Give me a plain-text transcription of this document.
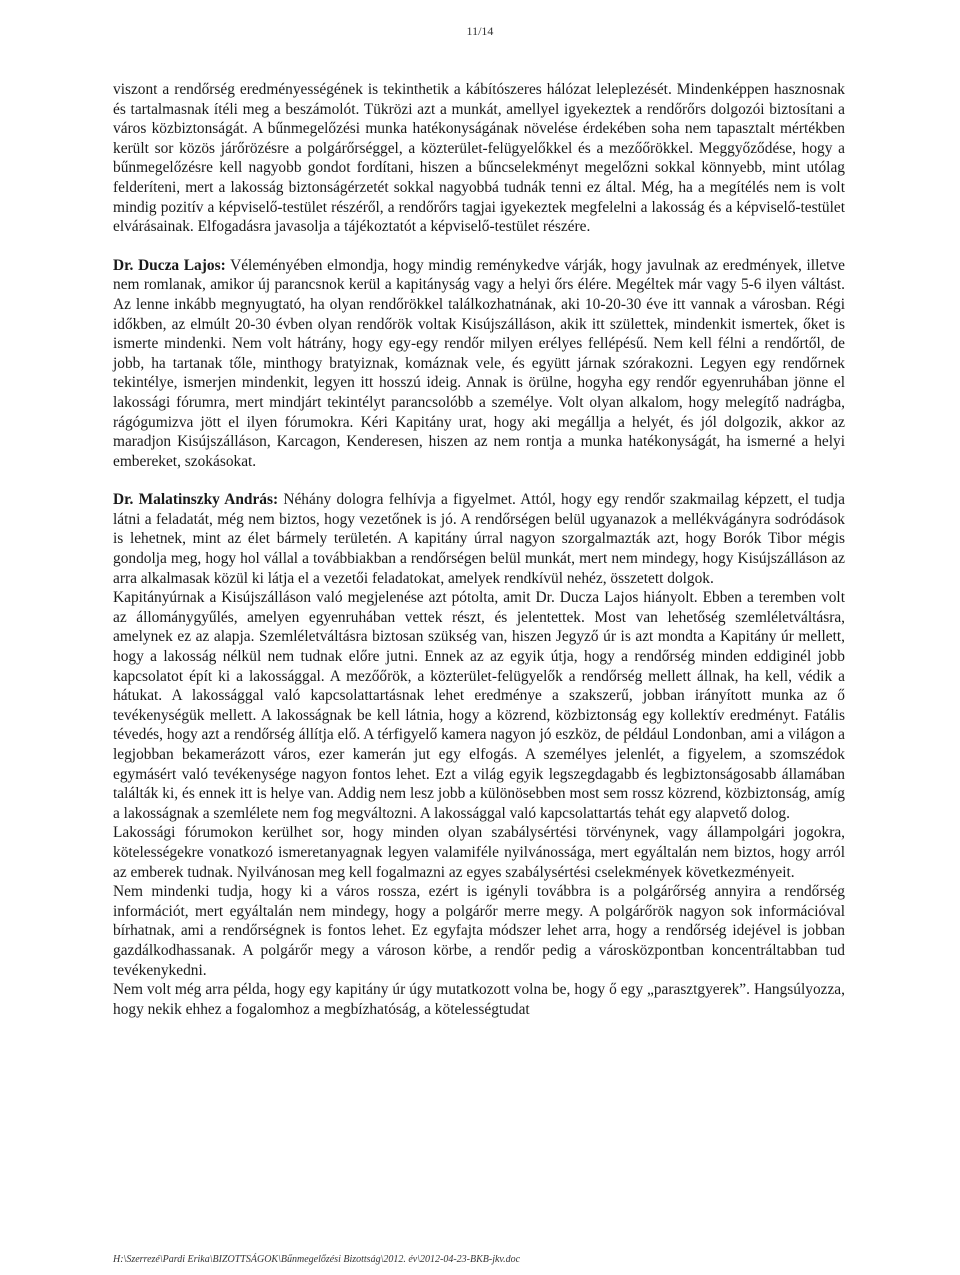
11/14

viszont a rendőrség eredményességének is tekinthetik a kábítószeres hálózat leleplezését. Mindenképpen hasznosnak és tartalmasnak ítéli meg a beszámolót. Tükrözi azt a munkát, amellyel igyekeztek a rendőrőrs dolgozói biztosítani a város közbiztonságát. A bűnmegelőzési munka hatékonyságának növelése érdekében soha nem tapasztalt mértékben került sor közös járőrözésre a polgárőrséggel, a közterület-felügyelőkkel és a mezőőrökkel. Meggyőződése, hogy a bűnmegelőzésre kell nagyobb gondot fordítani, hiszen a bűncselekményt megelőzni sokkal könnyebb, mint utólag felderíteni, mert a lakosság biztonságérzetét sokkal nagyobbá tudnák tenni ez által. Még, ha a megítélés nem is volt mindig pozitív a képviselő-testület részéről, a rendőrőrs tagjai igyekeztek megfelelni a lakosság és a képviselő-testület elvárásainak. Elfogadásra javasolja a tájékoztatót a képviselő-testület részére.

Dr. Ducza Lajos: Véleményében elmondja, hogy mindig reménykedve várják, hogy javulnak az eredmények, illetve nem romlanak, amikor új parancsnok kerül a kapitányság vagy a helyi őrs élére. Megéltek már vagy 5-6 ilyen váltást. Az lenne inkább megnyugtató, ha olyan rendőrökkel találkozhatnának, aki 10-20-30 éve itt vannak a városban. Régi időkben, az elmúlt 20-30 évben olyan rendőrök voltak Kisújszálláson, akik itt születtek, mindenkit ismertek, őket is ismerte mindenki. Nem volt hátrány, hogy egy-egy rendőr milyen erélyes fellépésű. Nem kell félni a rendőrtől, de jobb, ha tartanak tőle, minthogy bratyiznak, komáznak vele, és együtt járnak szórakozni. Legyen egy rendőrnek tekintélye, ismerjen mindenkit, legyen itt hosszú ideig. Annak is örülne, hogyha egy rendőr egyenruhában jönne el lakossági fórumra, mert mindjárt tekintélyt parancsolóbb a személye. Volt olyan alkalom, hogy melegítő nadrágba, rágógumizva jött el ilyen fórumokra. Kéri Kapitány urat, hogy aki megállja a helyét, és jól dolgozik, akkor az maradjon Kisújszálláson, Karcagon, Kenderesen, hiszen az nem rontja a munka hatékonyságát, ha ismerné a helyi embereket, szokásokat.

Dr. Malatinszky András: Néhány dologra felhívja a figyelmet. Attól, hogy egy rendőr szakmailag képzett, el tudja látni a feladatát, még nem biztos, hogy vezetőnek is jó. A rendőrségen belül ugyanazok a mellékvágányra sodródások is lehetnek, mint az élet bármely területén. A kapitány úrral nagyon szorgalmazták azt, hogy Borók Tibor mégis gondolja meg, hogy hol vállal a továbbiakban a rendőrségen belül munkát, mert nem mindegy, hogy Kisújszálláson az arra alkalmasak közül ki látja el a vezetői feladatokat, amelyek rendkívül nehéz, összetett dolgok.

Kapitányúrnak a Kisújszálláson való megjelenése azt pótolta, amit Dr. Ducza Lajos hiányolt. Ebben a teremben volt az állománygyűlés, amelyen egyenruhában vettek részt, és jelentettek. Most van lehetőség szemléletváltásra, amelynek ez az alapja. Szemléletváltásra biztosan szükség van, hiszen Jegyző úr is azt mondta a Kapitány úr mellett, hogy a lakosság nélkül nem tudnak előre jutni. Ennek az az egyik útja, hogy a rendőrség minden eddiginél jobb kapcsolatot épít ki a lakossággal. A mezőőrök, a közterület-felügyelők a rendőrség mellett állnak, ha kell, védik a hátukat. A lakossággal való kapcsolattartásnak lehet eredménye a szakszerű, jobban irányított munka az ő tevékenységük mellett. A lakosságnak be kell látnia, hogy a közrend, közbiztonság egy kollektív eredményt. Fatális tévedés, hogy azt a rendőrség állítja elő. A térfigyelő kamera nagyon jó eszköz, de például Londonban, ami a világon a legjobban bekamerázott város, ezer kamerán jut egy elfogás. A személyes jelenlét, a figyelem, a szomszédok egymásért való tevékenysége nagyon fontos lehet. Ezt a világ egyik legszegdagabb és legbiztonságosabb államában találták ki, és ennek itt is helye van. Addig nem lesz jobb a különösebben most sem rossz közrend, közbiztonság, amíg a lakosságnak a szemlélete nem fog megváltozni. A lakossággal való kapcsolattartás tehát egy alapvető dolog.

Lakossági fórumokon kerülhet sor, hogy minden olyan szabálysértési törvénynek, vagy állampolgári jogokra, kötelességekre vonatkozó ismeretanyagnak legyen valamiféle nyilvánossága, mert egyáltalán nem biztos, hogy arról az emberek tudnak. Nyilvánosan meg kell fogalmazni az egyes szabálysértési cselekmények következményeit.

Nem mindenki tudja, hogy ki a város rossza, ezért is igényli továbbra is a polgárőrség annyira a rendőrség információt, mert egyáltalán nem mindegy, hogy a polgárőr merre megy. A polgárőrök nagyon sok információval bírhatnak, ami a rendőrségnek is fontos lehet. Ez egyfajta módszer lehet arra, hogy a rendőrség idejével is jobban gazdálkodhassanak. A polgárőr megy a városon körbe, a rendőr pedig a városközpontban koncentráltabban tud tevékenykedni.

Nem volt még arra példa, hogy egy kapitány úr úgy mutatkozott volna be, hogy ő egy „parasztgyerek”. Hangsúlyozza, hogy nekik ehhez a fogalomhoz a megbízhatóság, a kötelességtudat

H:\Szerrezé\Pardi Erika\BIZOTTSÁGOK\Bűnmegelőzési Bizottság\2012. év\2012-04-23-BKB-jkv.doc
